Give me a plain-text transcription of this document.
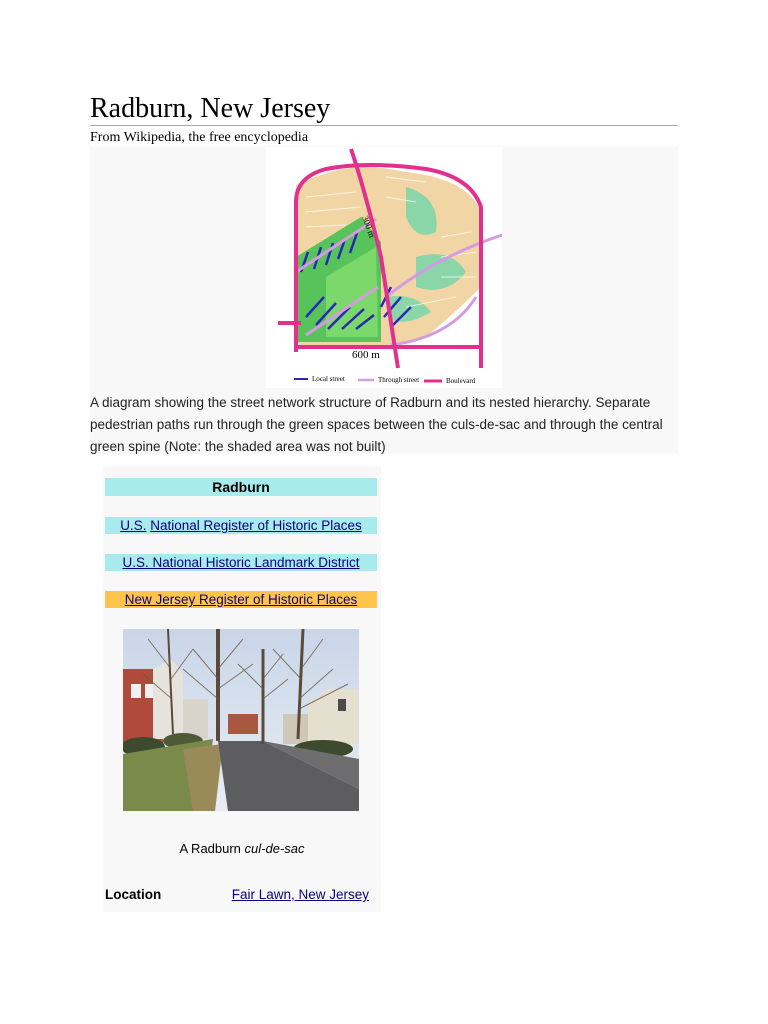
Radburn, New Jersey
From Wikipedia, the free encyclopedia
600 m
300 m
Local street	Through street	Boulevard
A diagram showing the street network structure of Radburn and its nested hierarchy. Separate pedestrian paths run through the green spaces between the culs-de-sac and through the central green spine (Note: the shaded area was not built)
Radburn
U.S. National Register of Historic Places
U.S. National Historic Landmark District
New Jersey Register of Historic Places
A Radburn cul-de-sac
Location	Fair Lawn, New Jersey
